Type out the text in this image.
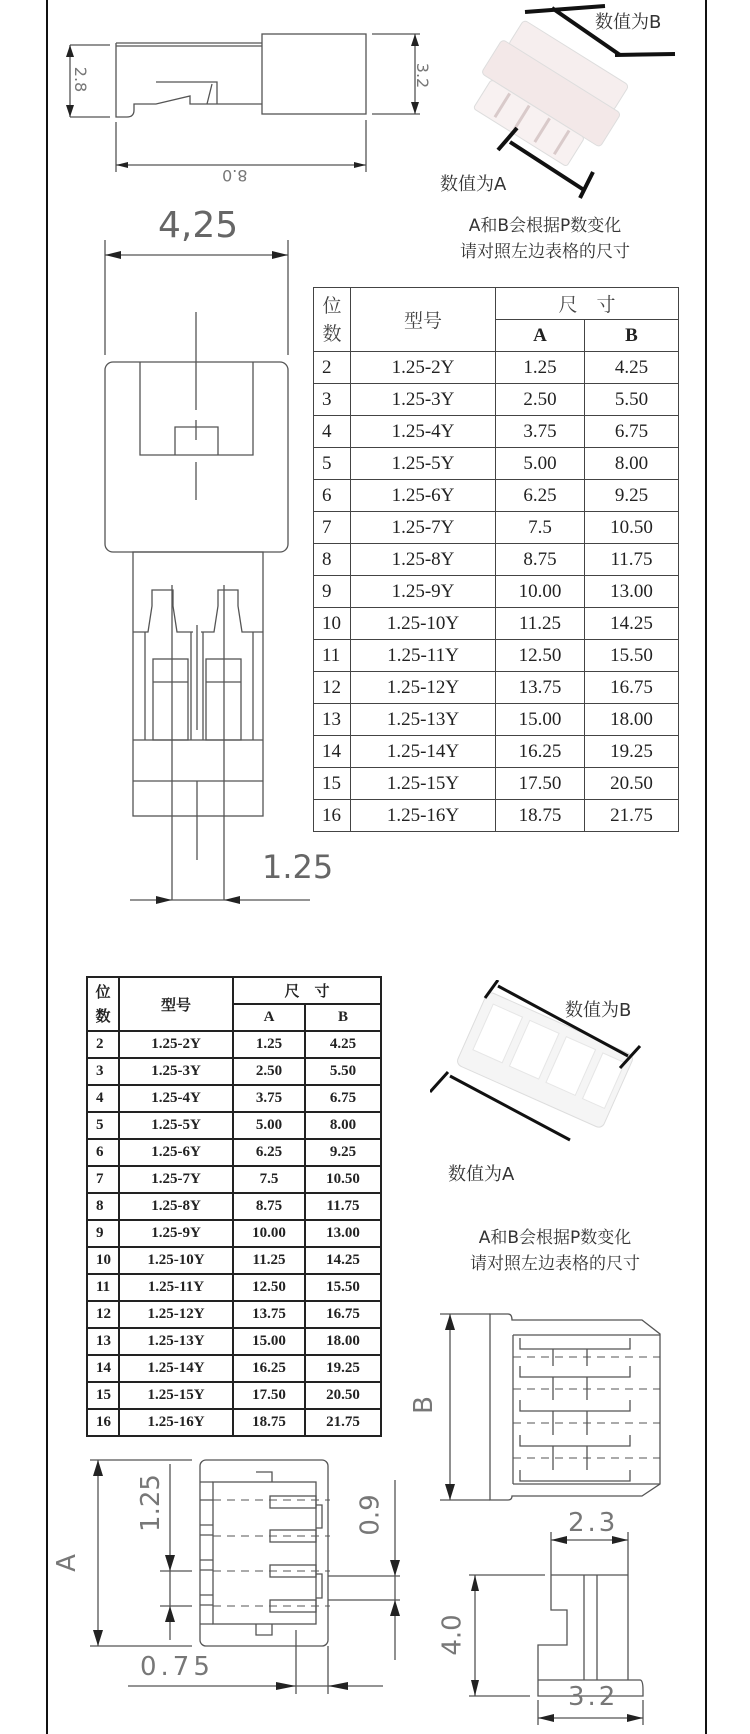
2.8	3.2
8.0
4,25
1.25
数值为B
数值为A
A和B会根据P数变化
请对照左边表格的尺寸
位
数	型号	尺　寸	
		A	B
2	1.25-2Y	1.25	4.25
3	1.25-3Y	2.50	5.50
4	1.25-4Y	3.75	6.75
5	1.25-5Y	5.00	8.00
6	1.25-6Y	6.25	9.25
7	1.25-7Y	7.5	10.50
8	1.25-8Y	8.75	11.75
9	1.25-9Y	10.00	13.00
10	1.25-10Y	11.25	14.25
11	1.25-11Y	12.50	15.50
12	1.25-12Y	13.75	16.75
13	1.25-13Y	15.00	18.00
14	1.25-14Y	16.25	19.25
15	1.25-15Y	17.50	20.50
16	1.25-16Y	18.75	21.75
位
数	型号	尺　寸	
		A	B
2	1.25-2Y	1.25	4.25
3	1.25-3Y	2.50	5.50
4	1.25-4Y	3.75	6.75
5	1.25-5Y	5.00	8.00
6	1.25-6Y	6.25	9.25
7	1.25-7Y	7.5	10.50
8	1.25-8Y	8.75	11.75
9	1.25-9Y	10.00	13.00
10	1.25-10Y	11.25	14.25
11	1.25-11Y	12.50	15.50
12	1.25-12Y	13.75	16.75
13	1.25-13Y	15.00	18.00
14	1.25-14Y	16.25	19.25
15	1.25-15Y	17.50	20.50
16	1.25-16Y	18.75	21.75
数值为B
数值为A
A和B会根据P数变化
请对照左边表格的尺寸
A
1.25	0.9
0.75
B
2.3
4.0
3.2
